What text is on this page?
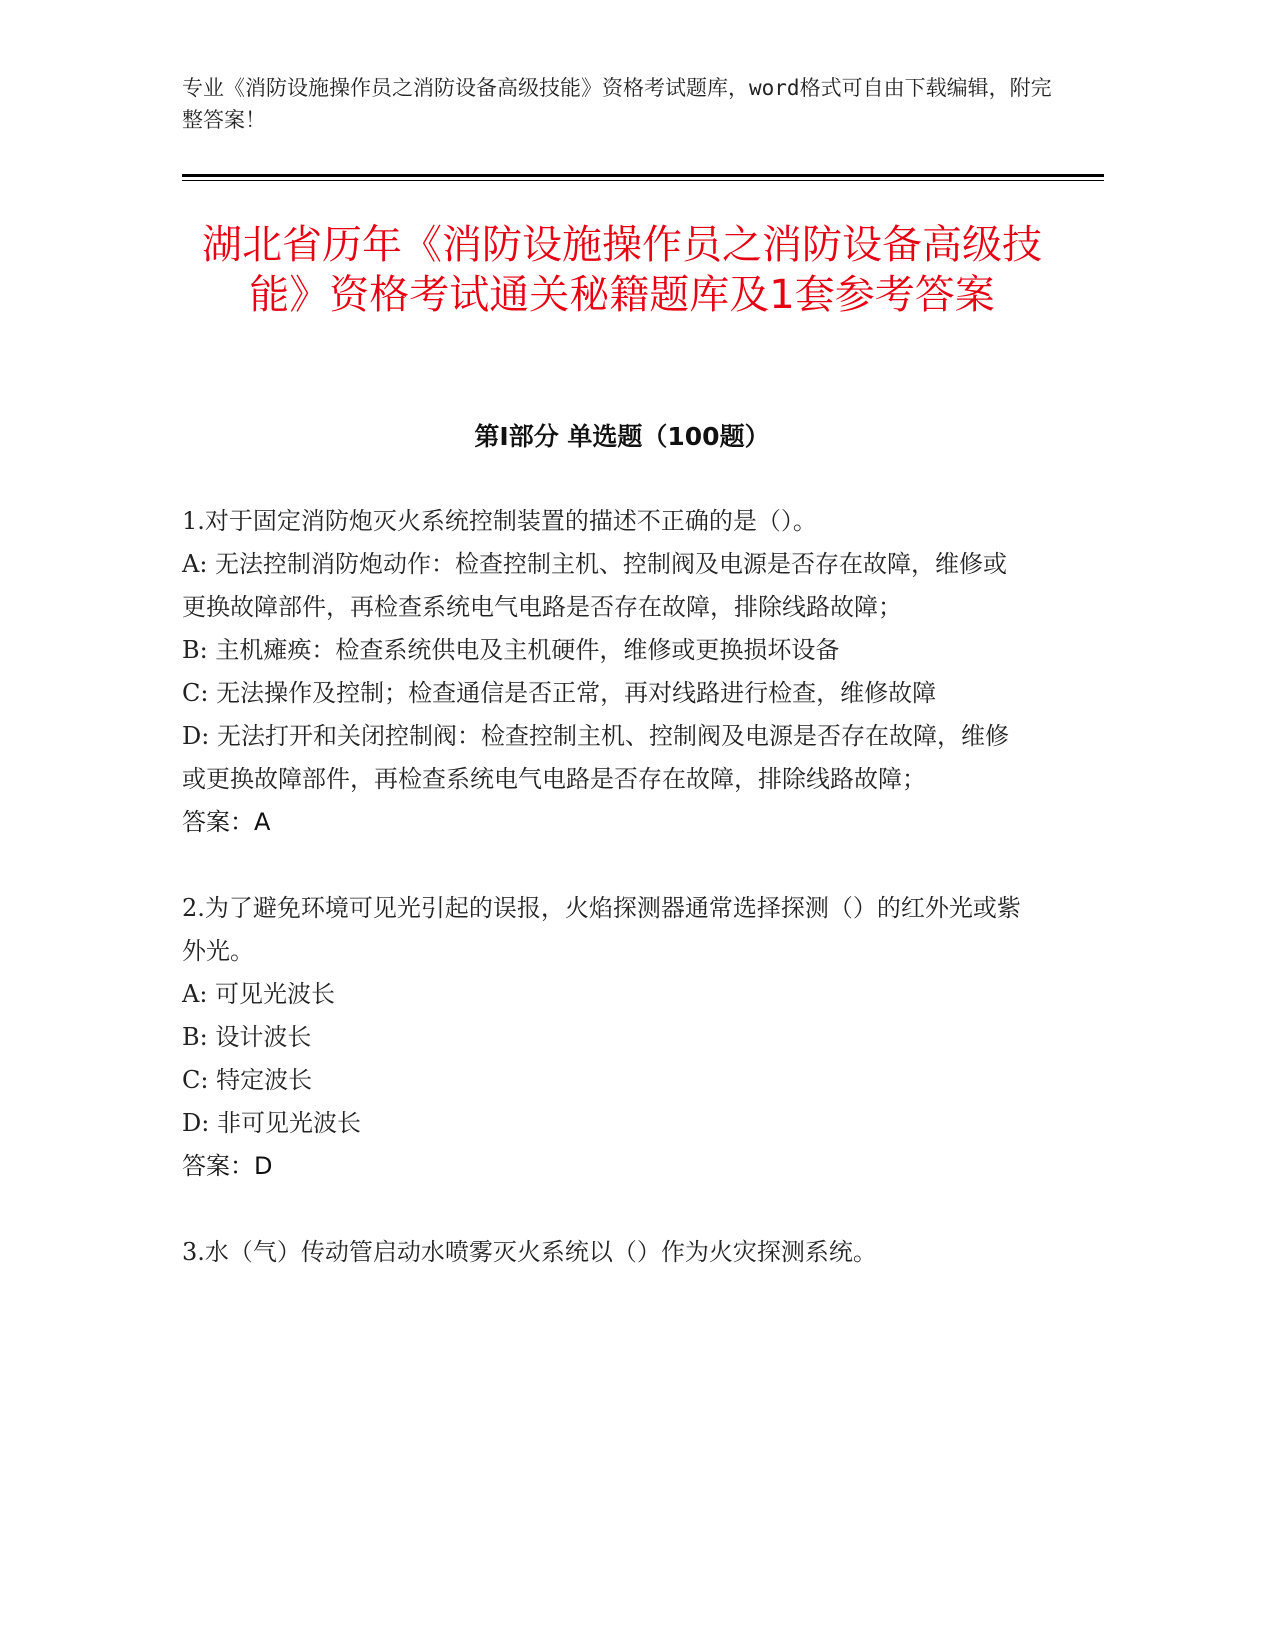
专业《消防设施操作员之消防设备高级技能》资格考试题库，word格式可自由下载编辑，附完整答案！
湖北省历年《消防设施操作员之消防设备高级技能》资格考试通关秘籍题库及1套参考答案
第Ⅰ部分 单选题（100题）

1.对于固定消防炮灭火系统控制装置的描述不正确的是（）。

A: 无法控制消防炮动作：检查控制主机、控制阀及电源是否存在故障，维修或更换故障部件，再检查系统电气电路是否存在故障，排除线路故障；

B: 主机瘫痪：检查系统供电及主机硬件，维修或更换损坏设备

C: 无法操作及控制；检查通信是否正常，再对线路进行检查，维修故障

D: 无法打开和关闭控制阀：检查控制主机、控制阀及电源是否存在故障，维修或更换故障部件，再检查系统电气电路是否存在故障，排除线路故障；

答案：A

2.为了避免环境可见光引起的误报，火焰探测器通常选择探测（）的红外光或紫外光。

A: 可见光波长

B: 设计波长

C: 特定波长

D: 非可见光波长

答案：D

3.水（气）传动管启动水喷雾灭火系统以（）作为火灾探测系统。
